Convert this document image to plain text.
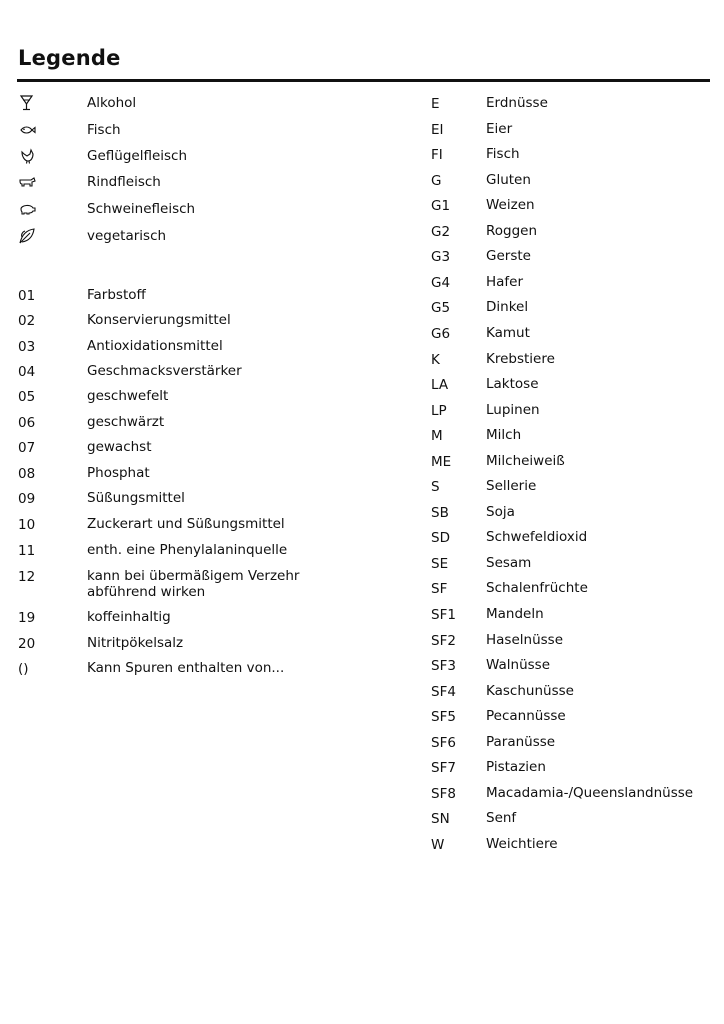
Legende
Alkohol
Fisch
Geflügelfleisch
Rindfleisch
Schweinefleisch
vegetarisch
01	Farbstoff
02	Konservierungsmittel
03	Antioxidationsmittel
04	Geschmacksverstärker
05	geschwefelt
06	geschwärzt
07	gewachst
08	Phosphat
09	Süßungsmittel
10	Zuckerart und Süßungsmittel
11	enth. eine Phenylalaninquelle
12	kann bei übermäßigem Verzehr
abführend wirken
19	koffeinhaltig
20	Nitritpökelsalz
()	Kann Spuren enthalten von...
E	Erdnüsse
EI	Eier
FI	Fisch
G	Gluten
G1	Weizen
G2	Roggen
G3	Gerste
G4	Hafer
G5	Dinkel
G6	Kamut
K	Krebstiere
LA	Laktose
LP	Lupinen
M	Milch
ME	Milcheiweiß
S	Sellerie
SB	Soja
SD	Schwefeldioxid
SE	Sesam
SF	Schalenfrüchte
SF1 Mandeln
SF2 Haselnüsse
SF3 Walnüsse
SF4 Kaschunüsse
SF5 Pecannüsse
SF6 Paranüsse
SF7 Pistazien
SF8 Macadamia-/Queenslandnüsse
SN	Senf
W	Weichtiere
